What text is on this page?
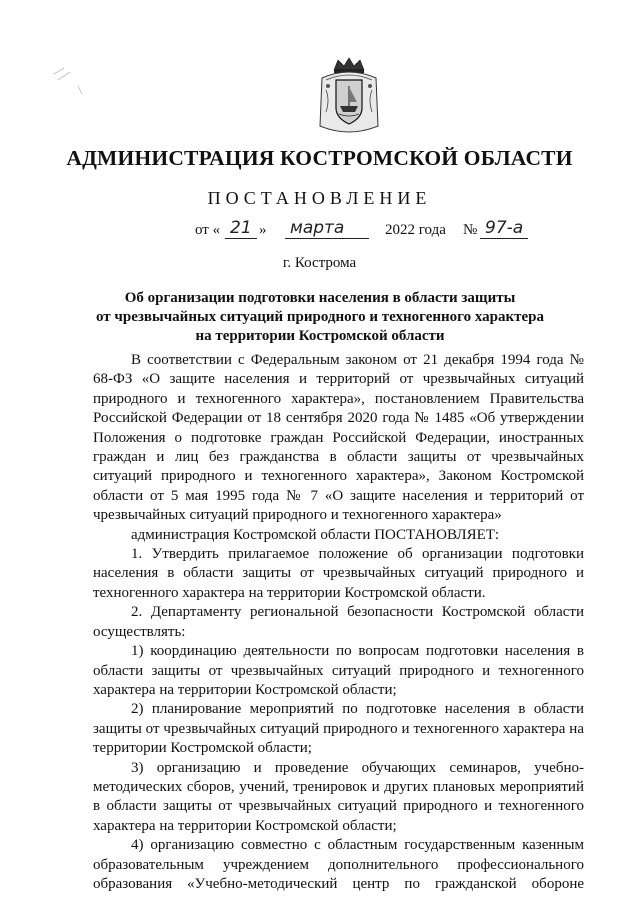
АДМИНИСТРАЦИЯ КОСТРОМСКОЙ ОБЛАСТИ
ПОСТАНОВЛЕНИЕ
от « 21 » марта	2022 года № 97-а
г. Кострома
Об организации подготовки населения в области защиты
от чрезвычайных ситуаций природного и техногенного характера
на территории Костромской области

В соответствии с Федеральным законом от 21 декабря 1994 года № 68-ФЗ «О защите населения и территорий от чрезвычайных ситуаций природного и техногенного характера», постановлением Правительства Российской Федерации от 18 сентября 2020 года № 1485 «Об утверждении Положения о подготовке граждан Российской Федерации, иностранных граждан и лиц без гражданства в области защиты от чрезвычайных ситуаций природного и техногенного характера», Законом Костромской области от 5 мая 1995 года № 7 «О защите населения и территорий от чрезвычайных ситуаций природного и техногенного характера»

администрация Костромской области ПОСТАНОВЛЯЕТ:

1. Утвердить прилагаемое положение об организации подготовки населения в области защиты от чрезвычайных ситуаций природного и техногенного характера на территории Костромской области.

2. Департаменту региональной безопасности Костромской области осуществлять:

1) координацию деятельности по вопросам подготовки населения в области защиты от чрезвычайных ситуаций природного и техногенного характера на территории Костромской области;

2) планирование мероприятий по подготовке населения в области защиты от чрезвычайных ситуаций природного и техногенного характера на территории Костромской области;

3) организацию и проведение обучающих семинаров, учебно-методических сборов, учений, тренировок и других плановых мероприятий в области защиты от чрезвычайных ситуаций природного и техногенного характера на территории Костромской области;

4) организацию совместно с областным государственным казенным образовательным учреждением дополнительного профессионального образования «Учебно-методический центр по гражданской обороне
